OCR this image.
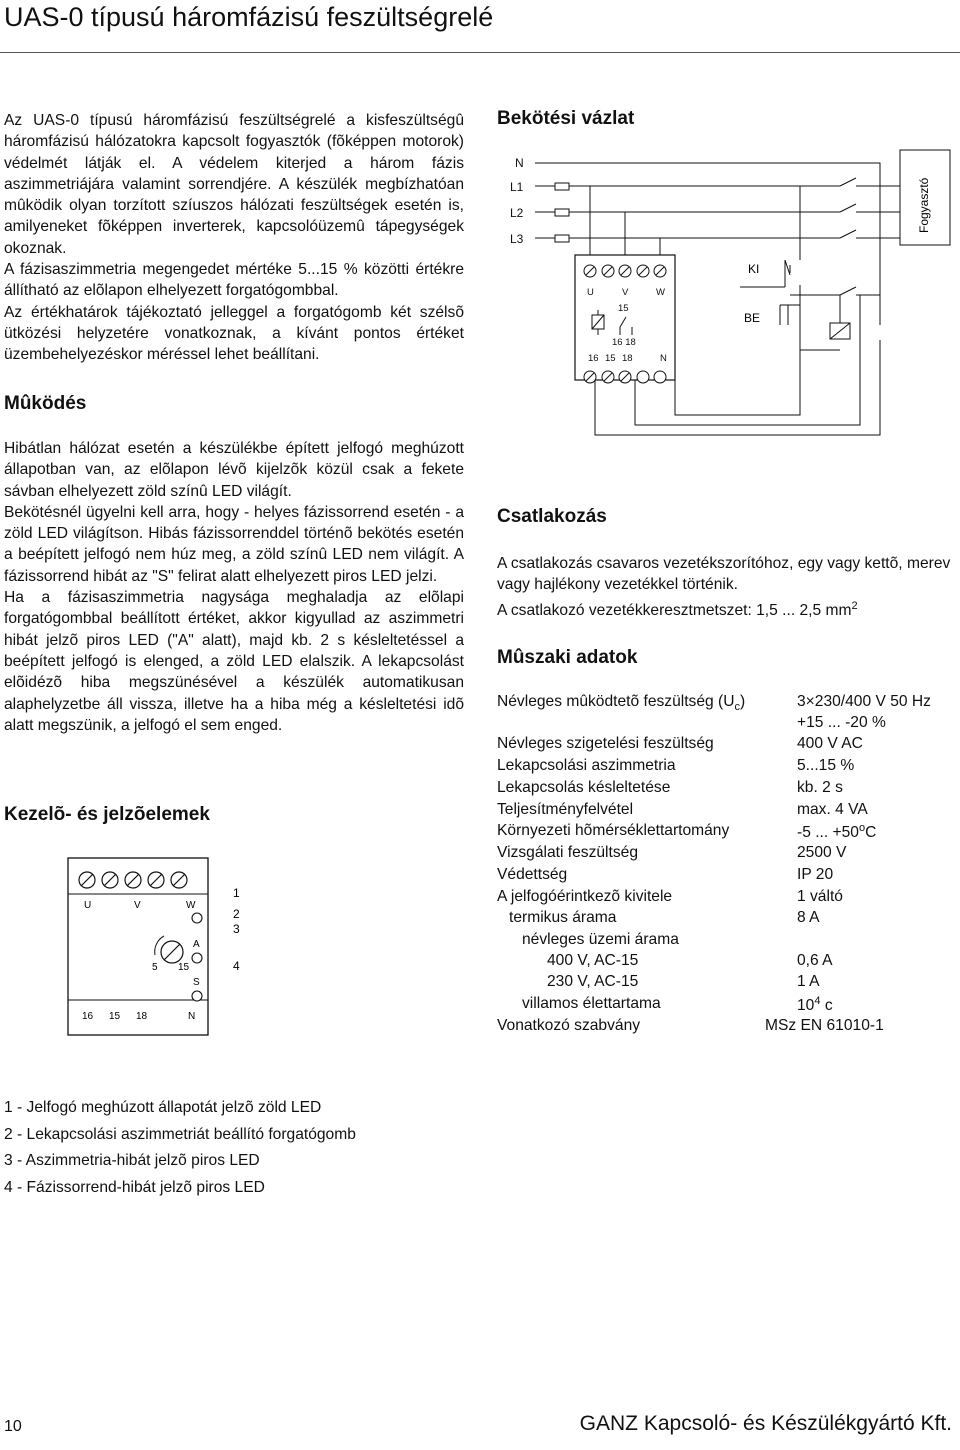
UAS-0 típusú háromfázisú feszültségrelé

Az UAS-0 típusú háromfázisú feszültségrelé a kisfeszültségû háromfázisú hálózatokra kapcsolt fogyasztók (fõképpen motorok) védelmét látják el. A védelem kiterjed a három fázis aszimmetriájára valamint sorrendjére. A készülék megbízhatóan mûködik olyan torzított szíuszos hálózati feszültségek esetén is, amilyeneket fõképpen inverterek, kapcsolóüzemû tápegységek okoznak.

A fázisaszimmetria megengedet mértéke 5...15 % közötti értékre állítható az elõlapon elhelyezett forgatógombbal.

Az értékhatárok tájékoztató jelleggel a forgatógomb két szélsõ ütközési helyzetére vonatkoznak, a kívánt pontos értéket üzembehelyezéskor méréssel lehet beállítani.

Mûködés

Hibátlan hálózat esetén a készülékbe épített jelfogó meghúzott állapotban van, az elõlapon lévõ kijelzõk közül csak a fekete sávban elhelyezett zöld színû LED világít.

Bekötésnél ügyelni kell arra, hogy - helyes fázissorrend esetén - a zöld LED világítson. Hibás fázissorrenddel történõ bekötés esetén a beépített jelfogó nem húz meg, a zöld színû LED nem világít. A fázissorrend hibát az "S" felirat alatt elhelyezett piros LED jelzi.

Ha a fázisaszimmetria nagysága meghaladja az elõlapi forgatógombbal beállított értéket, akkor kigyullad az aszimmetri hibát jelzõ piros LED ("A" alatt), majd kb. 2 s késleltetéssel a beépített jelfogó is elenged, a zöld LED elalszik. A lekapcsolást elõidézõ hiba megszünésével a készülék automatikusan alaphelyzetbe áll vissza, illetve ha a hiba még a késleltetési idõ alatt megszünik, a jelfogó el sem enged.

Kezelõ- és jelzõelemek
U	V	W
A
S
5 15
16 15 18	N
1
2
3
4
Bekötési vázlat
N
L1
L2
L3
Fogyasztó
KI
BE
U	V	W
15
16 18
16 15 18	N
Csatlakozás

A csatlakozás csavaros vezetékszorítóhoz, egy vagy kettõ, merev vagy hajlékony vezetékkel történik.

A csatlakozó vezetékkeresztmetszet: 1,5 ... 2,5 $mm^2$

Mûszaki adatok
Névleges mûködtetõ feszültség $(U_c)$	3×230/400 V 50 Hz
+15 ... -20 %
Névleges szigetelési feszültség	400 V AC
Lekapcsolási aszimmetria	5...15 %
Lekapcsolás késleltetése	kb. 2 s
Teljesítményfelvétel	max. 4 VA
Környezeti hõmérséklettartomány	-5 ... $+50^oC$
Vizsgálati feszültség	2500 V
Védettség	IP 20
A jelfogóérintkezõ kivitele	1 váltó
termikus árama	8 A
névleges üzemi árama
400 V, AC-15	0,6 A
230 V, AC-15	1 A
villamos élettartama	$10^4$ c
Vonatkozó szabvány	MSz EN 61010-1
1 - Jelfogó meghúzott állapotát jelzõ zöld LED
2 - Lekapcsolási aszimmetriát beállító forgatógomb
3 - Aszimmetria-hibát jelzõ piros LED
4 - Fázissorrend-hibát jelzõ piros LED
10	GANZ Kapcsoló- és Készülékgyártó Kft.
